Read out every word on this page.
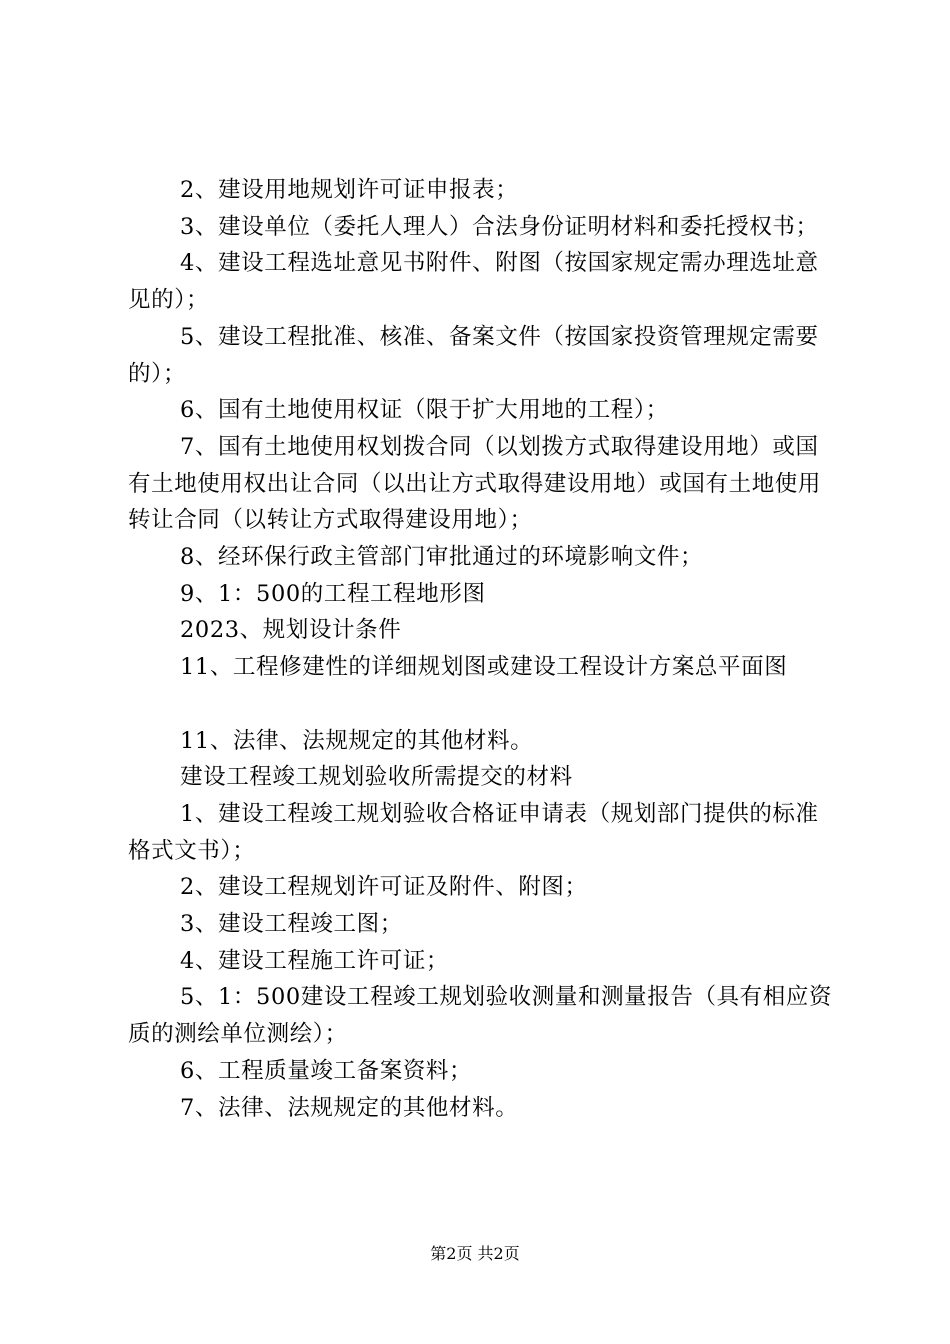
2、建设用地规划许可证申报表；

3、建设单位（委托人理人）合法身份证明材料和委托授权书；

4、建设工程选址意见书附件、附图（按国家规定需办理选址意见的）；

5、建设工程批准、核准、备案文件（按国家投资管理规定需要的）；

6、国有土地使用权证（限于扩大用地的工程）；

7、国有土地使用权划拨合同（以划拨方式取得建设用地）或国有土地使用权出让合同（以出让方式取得建设用地）或国有土地使用转让合同（以转让方式取得建设用地）；

8、经环保行政主管部门审批通过的环境影响文件；

9、1：500的工程工程地形图

2023、规划设计条件

11、工程修建性的详细规划图或建设工程设计方案总平面图

11、法律、法规规定的其他材料。

建设工程竣工规划验收所需提交的材料

1、建设工程竣工规划验收合格证申请表（规划部门提供的标准格式文书）；

2、建设工程规划许可证及附件、附图；

3、建设工程竣工图；

4、建设工程施工许可证；

5、1：500建设工程竣工规划验收测量和测量报告（具有相应资质的测绘单位测绘）；

6、工程质量竣工备案资料；

7、法律、法规规定的其他材料。

第2页 共2页
